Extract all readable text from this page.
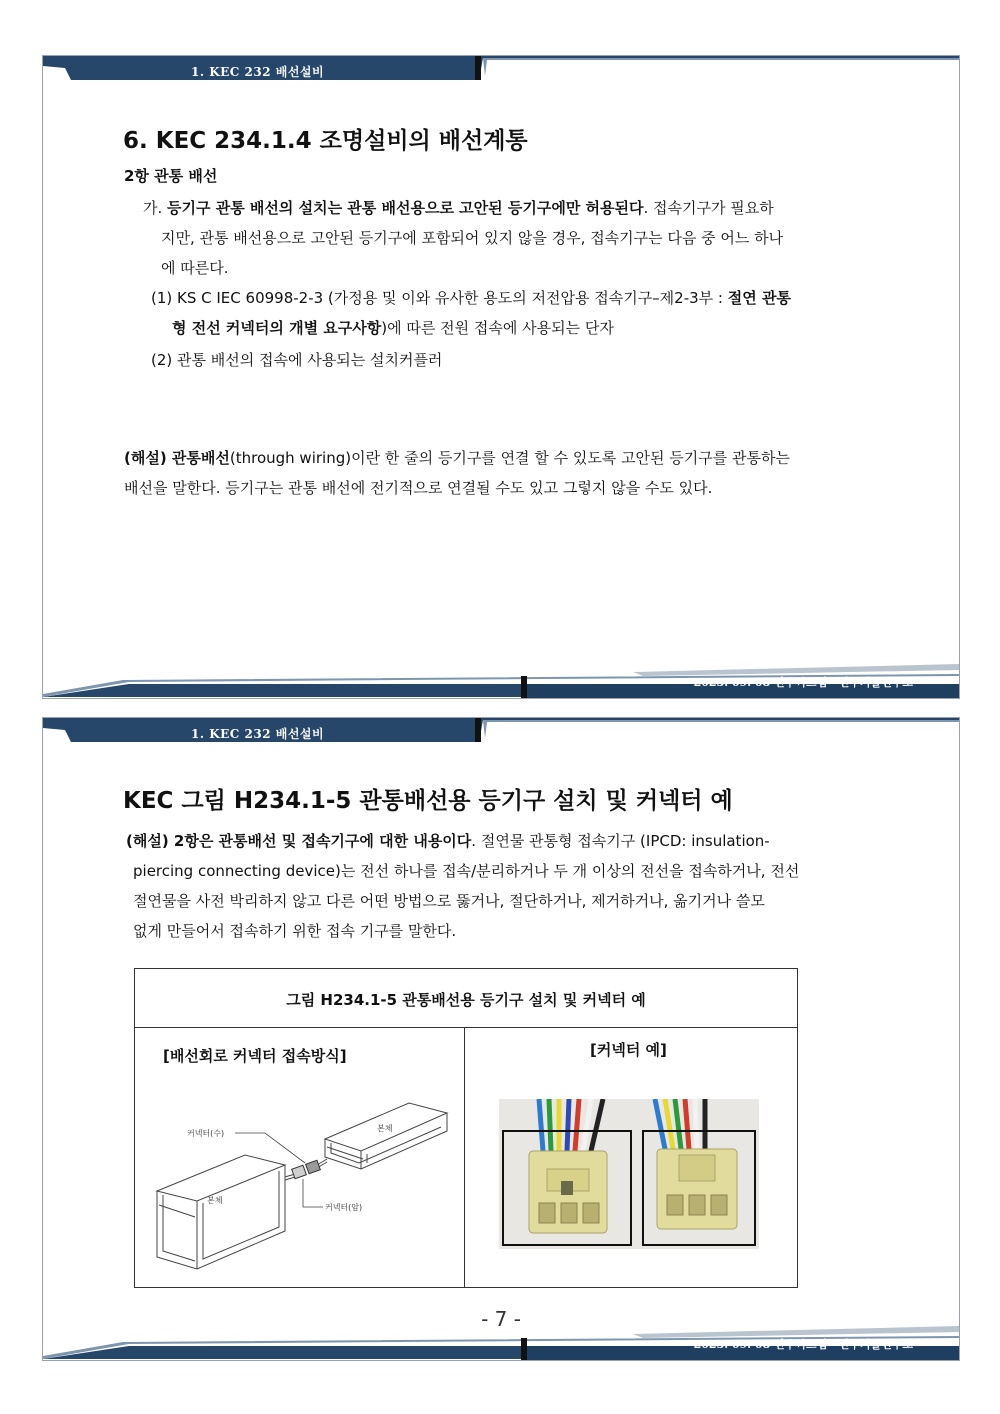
1. KEC 232 배선설비
6. KEC 234.1.4 조명설비의 배선계통
2항 관통 배선
가. 등기구 관통 배선의 설치는 관통 배선용으로 고안된 등기구에만 허용된다. 접속기구가 필요하
지만, 관통 배선용으로 고안된 등기구에 포함되어 있지 않을 경우, 접속기구는 다음 중 어느 하나
에 따른다.
(1) KS C IEC 60998-2-3 (가정용 및 이와 유사한 용도의 저전압용 접속기구–제2-3부 : 절연 관통
형 전선 커넥터의 개별 요구사항)에 따른 전원 접속에 사용되는 단자
(2) 관통 배선의 접속에 사용되는 설치커플러
(해설) 관통배선(through wiring)이란 한 줄의 등기구를 연결 할 수 있도록 고안된 등기구를 관통하는
배선을 말한다. 등기구는 관통 배선에 전기적으로 연결될 수도 있고 그렇지 않을 수도 있다.
2023. 09. 08 진우씨스템 · 진우기술연구소
1. KEC 232 배선설비
KEC 그림 H234.1-5 관통배선용 등기구 설치 및 커넥터 예
(해설) 2항은 관통배선 및 접속기구에 대한 내용이다. 절연물 관통형 접속기구 (IPCD: insulation-
piercing connecting device)는 전선 하나를 접속/분리하거나 두 개 이상의 전선을 접속하거나, 전선
절연물을 사전 박리하지 않고 다른 어떤 방법으로 뚫거나, 절단하거나, 제거하거나, 옮기거나 쓸모
없게 만들어서 접속하기 위한 접속 기구를 말한다.
그림 H234.1-5 관통배선용 등기구 설치 및 커넥터 예
[배선회로 커넥터 접속방식]	[커넥터 예]
본체
본체
커넥터(수)
커넥터(암)
- 7 -
2023. 09. 08 진우씨스템 · 진우기술연구소
